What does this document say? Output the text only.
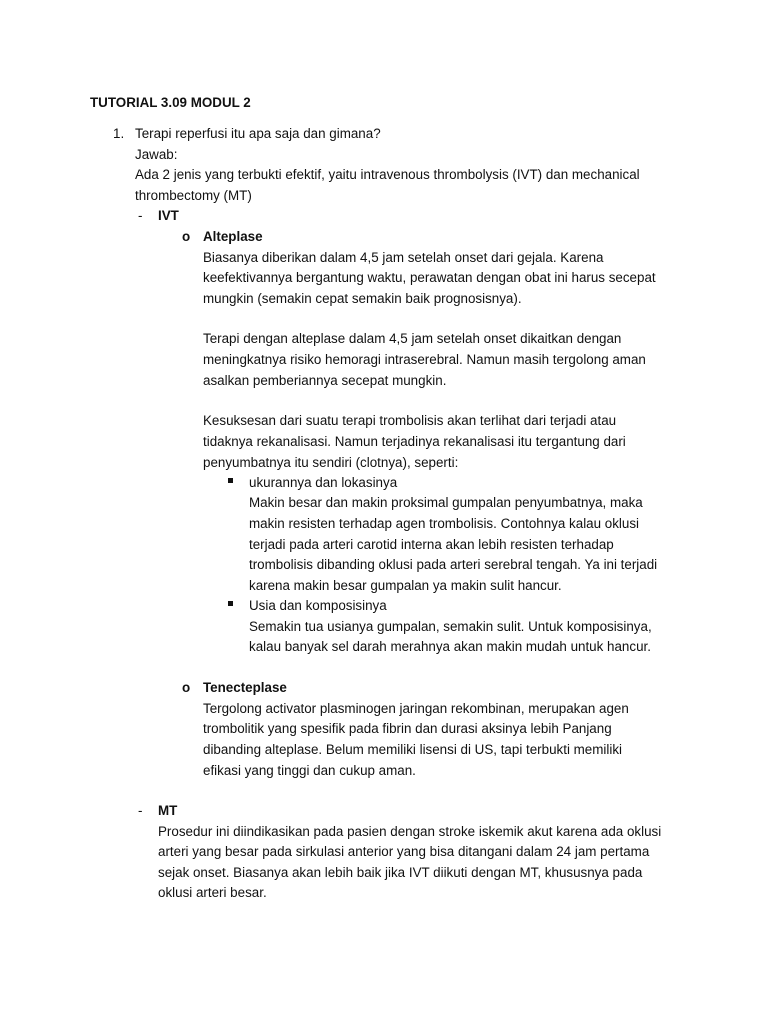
TUTORIAL 3.09 MODUL 2
1. Terapi reperfusi itu apa saja dan gimana?
Jawab:
Ada 2 jenis yang terbukti efektif, yaitu intravenous thrombolysis (IVT) dan mechanical
thrombectomy (MT)
- IVT
o Alteplase
Biasanya diberikan dalam 4,5 jam setelah onset dari gejala. Karena
keefektivannya bergantung waktu, perawatan dengan obat ini harus secepat
mungkin (semakin cepat semakin baik prognosisnya).
Terapi dengan alteplase dalam 4,5 jam setelah onset dikaitkan dengan
meningkatnya risiko hemoragi intraserebral. Namun masih tergolong aman
asalkan pemberiannya secepat mungkin.
Kesuksesan dari suatu terapi trombolisis akan terlihat dari terjadi atau
tidaknya rekanalisasi. Namun terjadinya rekanalisasi itu tergantung dari
penyumbatnya itu sendiri (clotnya), seperti:
ukurannya dan lokasinya
Makin besar dan makin proksimal gumpalan penyumbatnya, maka
makin resisten terhadap agen trombolisis. Contohnya kalau oklusi
terjadi pada arteri carotid interna akan lebih resisten terhadap
trombolisis dibanding oklusi pada arteri serebral tengah. Ya ini terjadi
karena makin besar gumpalan ya makin sulit hancur.
Usia dan komposisinya
Semakin tua usianya gumpalan, semakin sulit. Untuk komposisinya,
kalau banyak sel darah merahnya akan makin mudah untuk hancur.
o Tenecteplase
Tergolong activator plasminogen jaringan rekombinan, merupakan agen
trombolitik yang spesifik pada fibrin dan durasi aksinya lebih Panjang
dibanding alteplase. Belum memiliki lisensi di US, tapi terbukti memiliki
efikasi yang tinggi dan cukup aman.
- MT
Prosedur ini diindikasikan pada pasien dengan stroke iskemik akut karena ada oklusi
arteri yang besar pada sirkulasi anterior yang bisa ditangani dalam 24 jam pertama
sejak onset. Biasanya akan lebih baik jika IVT diikuti dengan MT, khususnya pada
oklusi arteri besar.
